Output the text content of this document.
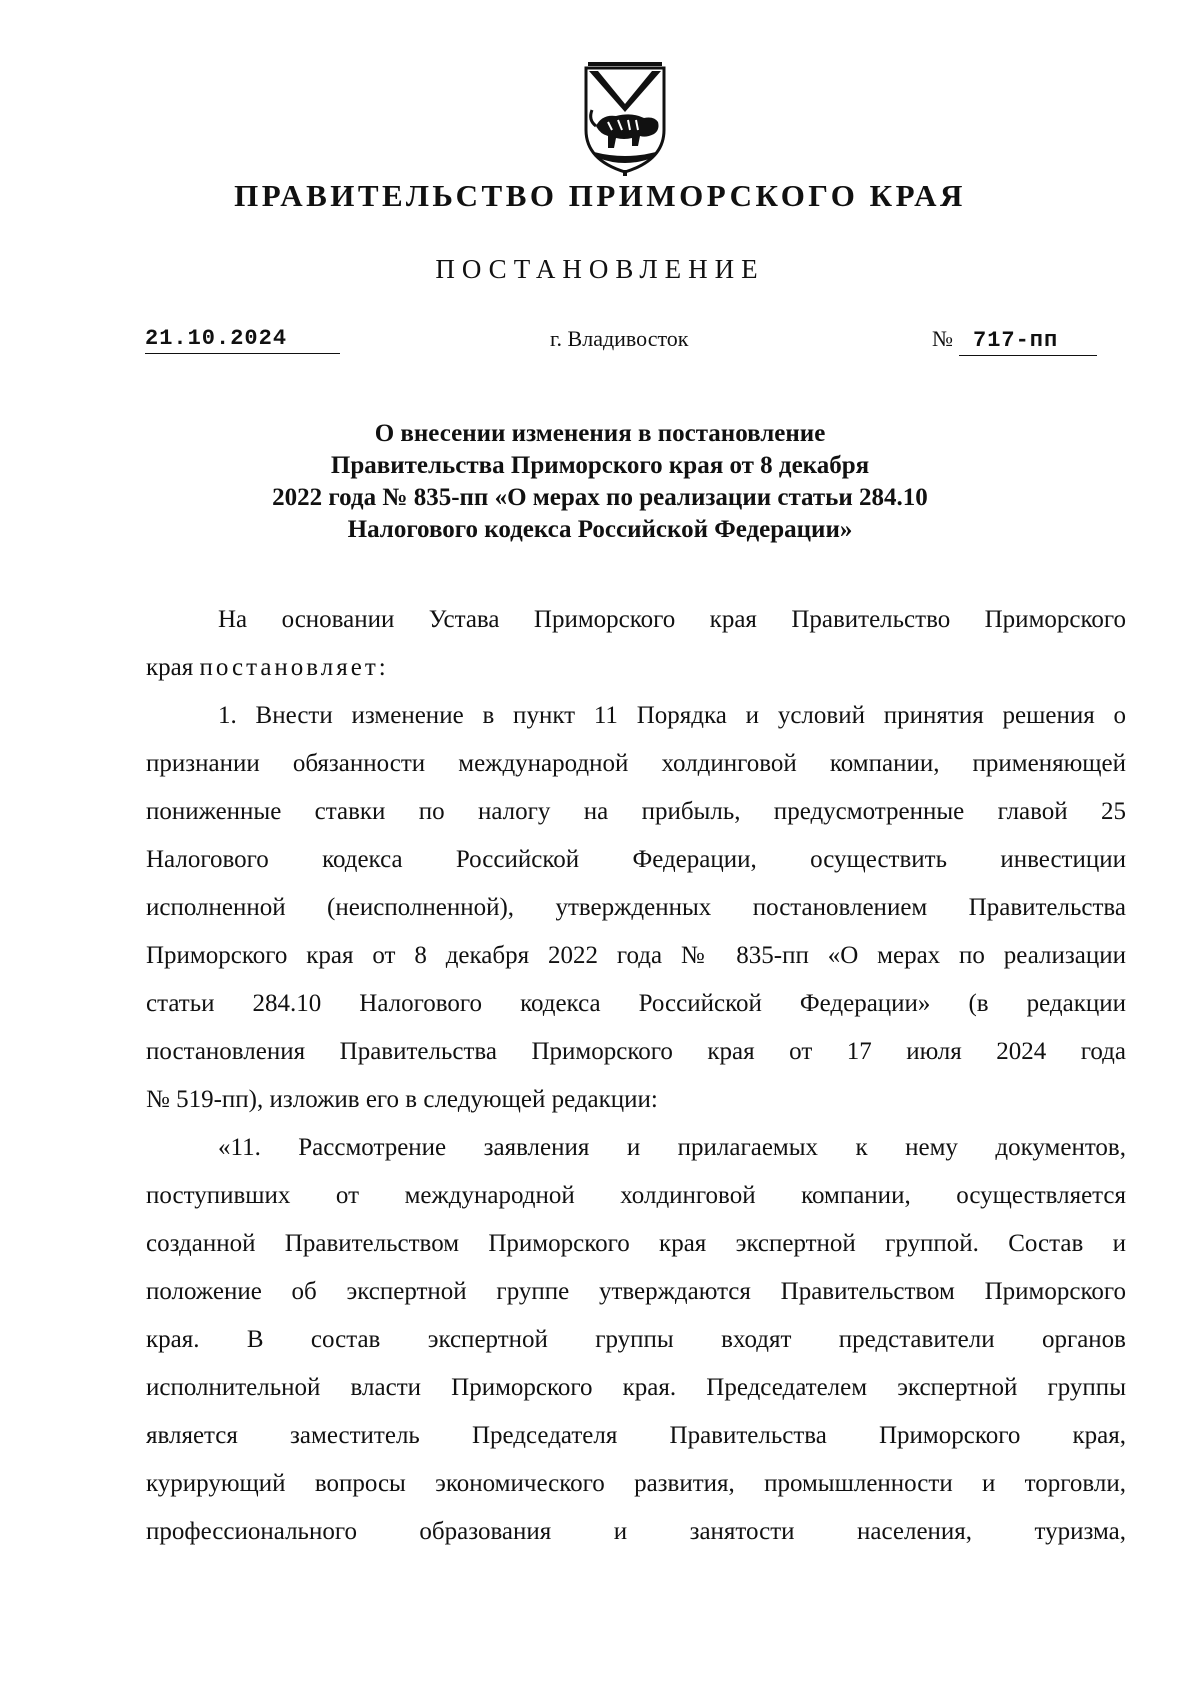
ПРАВИТЕЛЬСТВО ПРИМОРСКОГО КРАЯ
ПОСТАНОВЛЕНИЕ
21.10.2024	г. Владивосток	№ 717-пп
О внесении изменения в постановление
Правительства Приморского края от 8 декабря
2022 года № 835-пп «О мерах по реализации статьи 284.10
Налогового кодекса Российской Федерации»
На основании Устава Приморского края Правительство Приморского
края постановляет:
1. Внести изменение в пункт 11 Порядка и условий принятия решения о
признании обязанности международной холдинговой компании, применяющей
пониженные ставки по налогу на прибыль, предусмотренные главой 25
Налогового кодекса Российской Федерации, осуществить инвестиции
исполненной (неисполненной), утвержденных постановлением Правительства
Приморского края от 8 декабря 2022 года № 835-пп «О мерах по реализации
статьи 284.10 Налогового кодекса Российской Федерации» (в редакции
постановления Правительства Приморского края от 17 июля 2024 года
№ 519-пп), изложив его в следующей редакции:
«11. Рассмотрение заявления и прилагаемых к нему документов,
поступивших от международной холдинговой компании, осуществляется
созданной Правительством Приморского края экспертной группой. Состав и
положение об экспертной группе утверждаются Правительством Приморского
края. В состав экспертной группы входят представители органов
исполнительной власти Приморского края. Председателем экспертной группы
является заместитель Председателя Правительства Приморского края,
курирующий вопросы экономического развития, промышленности и торговли,
профессионального образования и занятости населения, туризма,
